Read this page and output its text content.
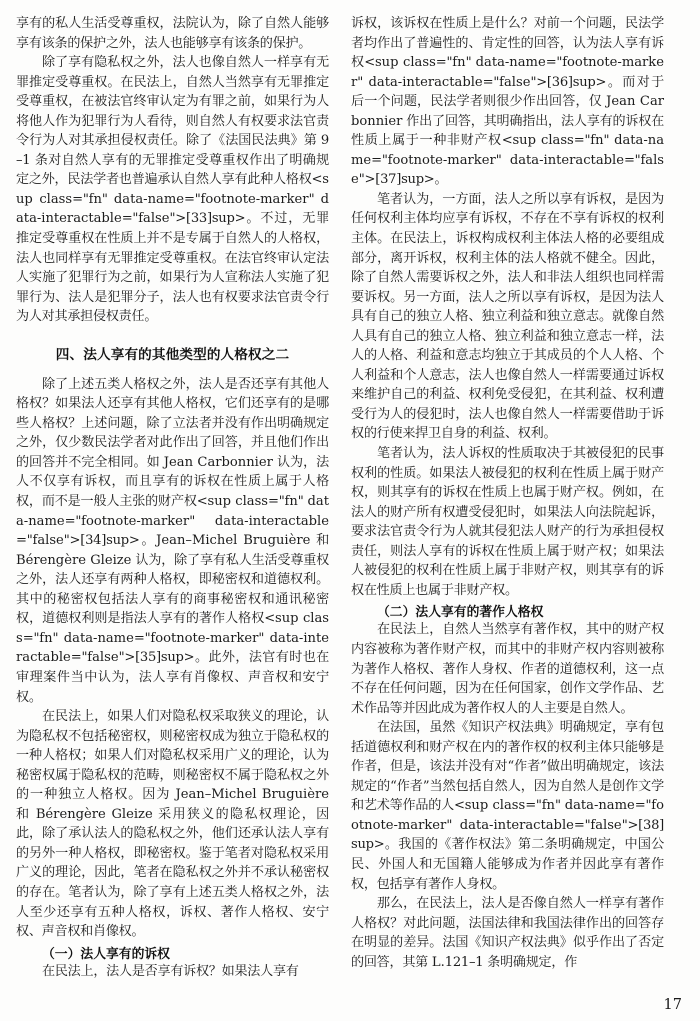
享有的私人生活受尊重权，法院认为，除了自然人能够享有该条的保护之外，法人也能够享有该条的保护。

除了享有隐私权之外，法人也像自然人一样享有无罪推定受尊重权。在民法上，自然人当然享有无罪推定受尊重权，在被法官终审认定为有罪之前，如果行为人将他人作为犯罪行为人看待，则自然人有权要求法官责令行为人对其承担侵权责任。除了《法国民法典》第 9–1 条对自然人享有的无罪推定受尊重权作出了明确规定之外，民法学者也普遍承认自然人享有此种人格权<sup class="fn" data-name="footnote-marker" data-interactable="false">[33]sup>。不过，无罪推定受尊重权在性质上并不是专属于自然人的人格权，法人也同样享有无罪推定受尊重权。在法官终审认定法人实施了犯罪行为之前，如果行为人宣称法人实施了犯罪行为、法人是犯罪分子，法人也有权要求法官责令行为人对其承担侵权责任。

四、法人享有的其他类型的人格权之二

除了上述五类人格权之外，法人是否还享有其他人格权？如果法人还享有其他人格权，它们还享有的是哪些人格权？上述问题，除了立法者并没有作出明确规定之外，仅少数民法学者对此作出了回答，并且他们作出的回答并不完全相同。如 Jean Carbonnier 认为，法人不仅享有诉权，而且享有的诉权在性质上属于人格权，而不是一般人主张的财产权<sup class="fn" data-name="footnote-marker" data-interactable="false">[34]sup>。Jean–Michel Bruguière 和 Bérengère Gleize 认为，除了享有私人生活受尊重权之外，法人还享有两种人格权，即秘密权和道德权利。其中的秘密权包括法人享有的商事秘密权和通讯秘密权，道德权利则是指法人享有的著作人格权<sup class="fn" data-name="footnote-marker" data-interactable="false">[35]sup>。此外，法官有时也在审理案件当中认为，法人享有肖像权、声音权和安宁权。

在民法上，如果人们对隐私权采取狭义的理论，认为隐私权不包括秘密权，则秘密权成为独立于隐私权的一种人格权；如果人们对隐私权采用广义的理论，认为秘密权属于隐私权的范畴，则秘密权不属于隐私权之外的一种独立人格权。因为 Jean–Michel Bruguière 和 Bérengère Gleize 采用狭义的隐私权理论，因此，除了承认法人的隐私权之外，他们还承认法人享有的另外一种人格权，即秘密权。鉴于笔者对隐私权采用广义的理论，因此，笔者在隐私权之外并不承认秘密权的存在。笔者认为，除了享有上述五类人格权之外，法人至少还享有五种人格权，诉权、著作人格权、安宁权、声音权和肖像权。

（一）法人享有的诉权

在民法上，法人是否享有诉权？如果法人享有

诉权，该诉权在性质上是什么？对前一个问题，民法学者均作出了普遍性的、肯定性的回答，认为法人享有诉权<sup class="fn" data-name="footnote-marker" data-interactable="false">[36]sup>。而对于后一个问题，民法学者则很少作出回答，仅 Jean Carbonnier 作出了回答，其明确指出，法人享有的诉权在性质上属于一种非财产权<sup class="fn" data-name="footnote-marker" data-interactable="false">[37]sup>。

笔者认为，一方面，法人之所以享有诉权，是因为任何权利主体均应享有诉权，不存在不享有诉权的权利主体。在民法上，诉权构成权利主体法人格的必要组成部分，离开诉权，权利主体的法人格就不健全。因此，除了自然人需要诉权之外，法人和非法人组织也同样需要诉权。另一方面，法人之所以享有诉权，是因为法人具有自己的独立人格、独立利益和独立意志。就像自然人具有自己的独立人格、独立利益和独立意志一样，法人的人格、利益和意志均独立于其成员的个人人格、个人利益和个人意志，法人也像自然人一样需要通过诉权来维护自己的利益、权利免受侵犯，在其利益、权利遭受行为人的侵犯时，法人也像自然人一样需要借助于诉权的行使来捍卫自身的利益、权利。

笔者认为，法人诉权的性质取决于其被侵犯的民事权利的性质。如果法人被侵犯的权利在性质上属于财产权，则其享有的诉权在性质上也属于财产权。例如，在法人的财产所有权遭受侵犯时，如果法人向法院起诉，要求法官责令行为人就其侵犯法人财产的行为承担侵权责任，则法人享有的诉权在性质上属于财产权；如果法人被侵犯的权利在性质上属于非财产权，则其享有的诉权在性质上也属于非财产权。

（二）法人享有的著作人格权

在民法上，自然人当然享有著作权，其中的财产权内容被称为著作财产权，而其中的非财产权内容则被称为著作人格权、著作人身权、作者的道德权利，这一点不存在任何问题，因为在任何国家，创作文学作品、艺术作品等并因此成为著作权人的人主要是自然人。

在法国，虽然《知识产权法典》明确规定，享有包括道德权利和财产权在内的著作权的权利主体只能够是作者，但是，该法并没有对“作者”做出明确规定，该法规定的“作者”当然包括自然人，因为自然人是创作文学和艺术等作品的人<sup class="fn" data-name="footnote-marker" data-interactable="false">[38]sup>。我国的《著作权法》第二条明确规定，中国公民、外国人和无国籍人能够成为作者并因此享有著作权，包括享有著作人身权。

那么，在民法上，法人是否像自然人一样享有著作人格权？对此问题，法国法律和我国法律作出的回答存在明显的差异。法国《知识产权法典》似乎作出了否定的回答，其第 L.121–1 条明确规定，作

17
